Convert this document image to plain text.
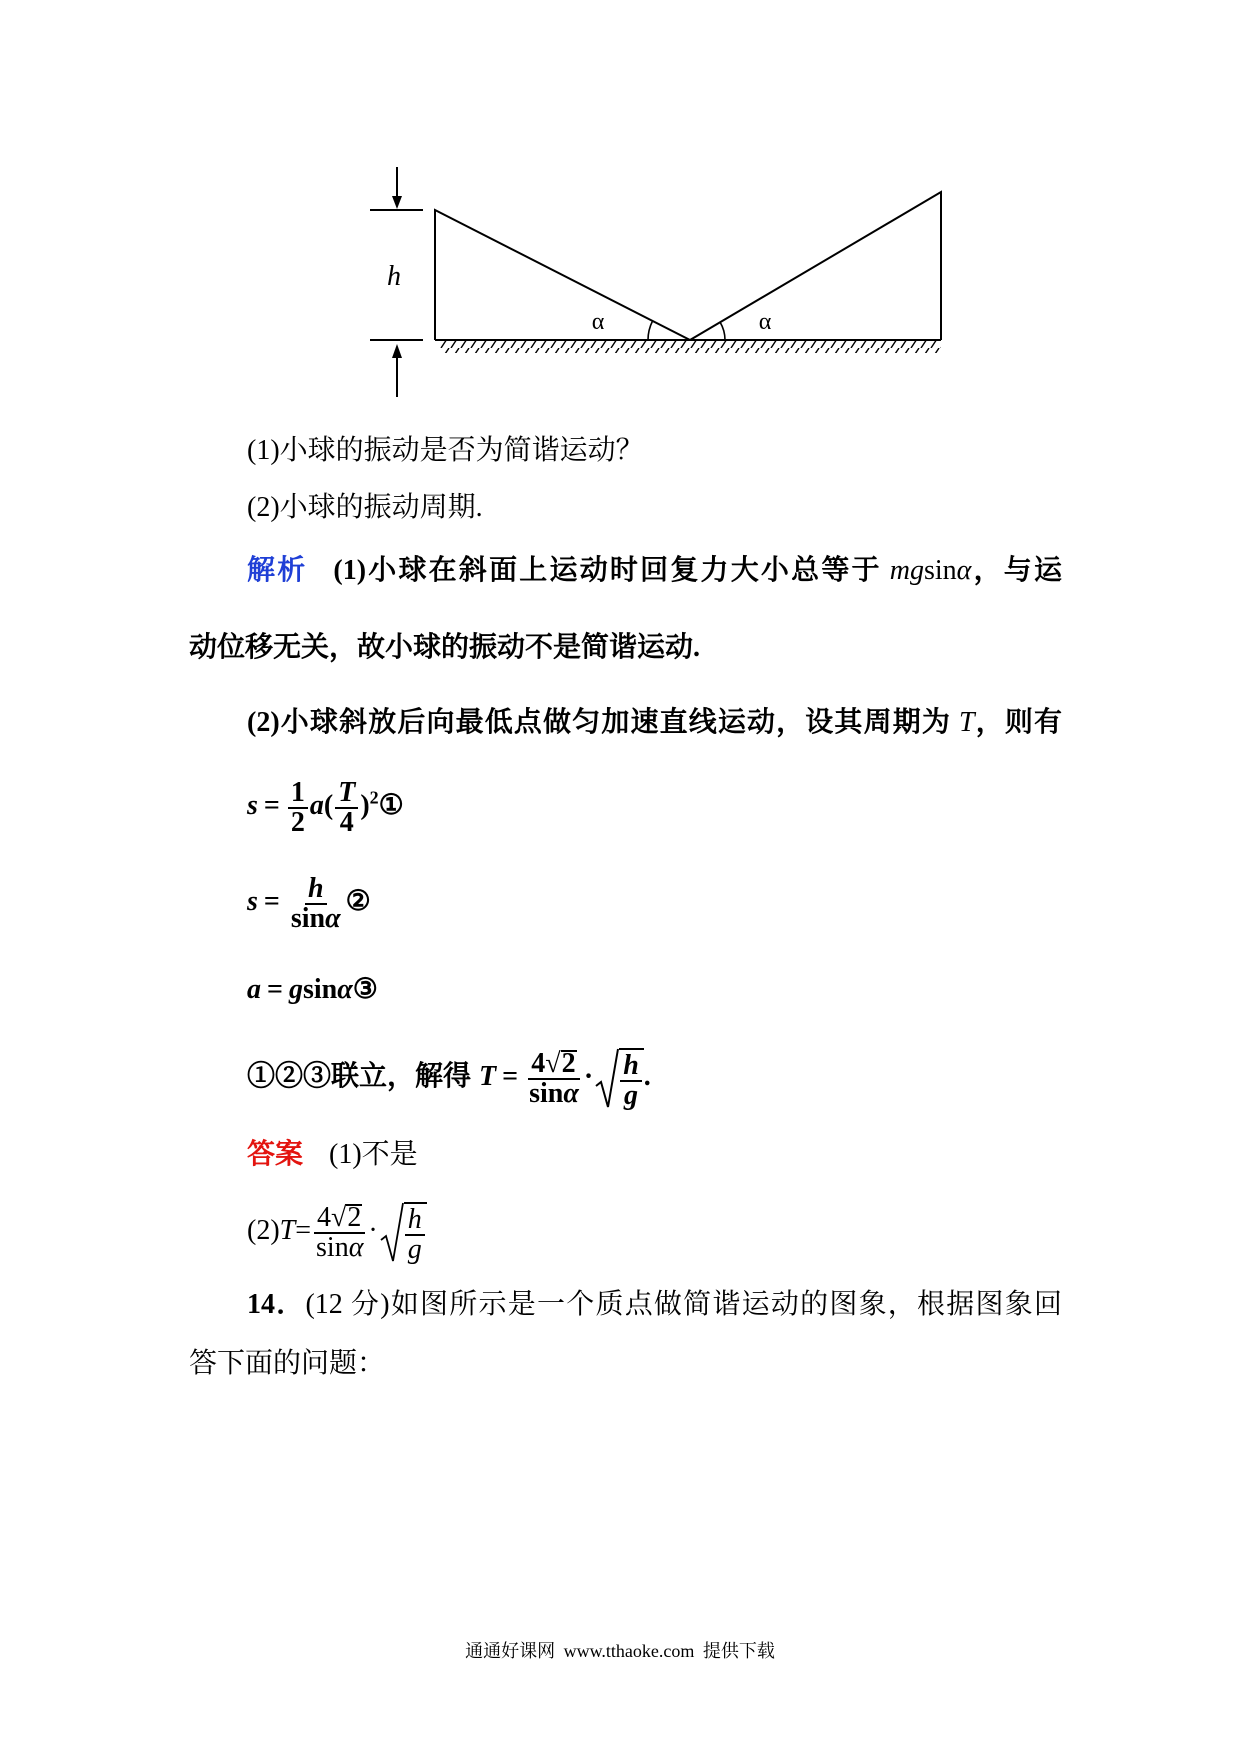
h
α	α
(1)小球的振动是否为简谐运动？
(2)小球的振动周期.
解析 (1)小球在斜面上运动时回复力大小总等于 mgsinα，与运
动位移无关，故小球的振动不是简谐运动.
(2)小球斜放后向最低点做匀加速直线运动，设其周期为 T，则有
$s = \frac{1}{2} a( \frac{T}{4}$ )$^2①$
$s = \frac{h}{\sin\alpha}$ ②
a = gsinα③
①②③联立，解得 $T = \frac{4√2}{\sin\alpha} \cdot \frac{h}{g}$ .
答案 (1)不是
$(2)T= \frac{4√2}{\sin\alpha} \cdot \frac{h}{g}$
14．(12 分)如图所示是一个质点做简谐运动的图象，根据图象回
答下面的问题：
通通好课网 www.tthaoke.com 提供下载
